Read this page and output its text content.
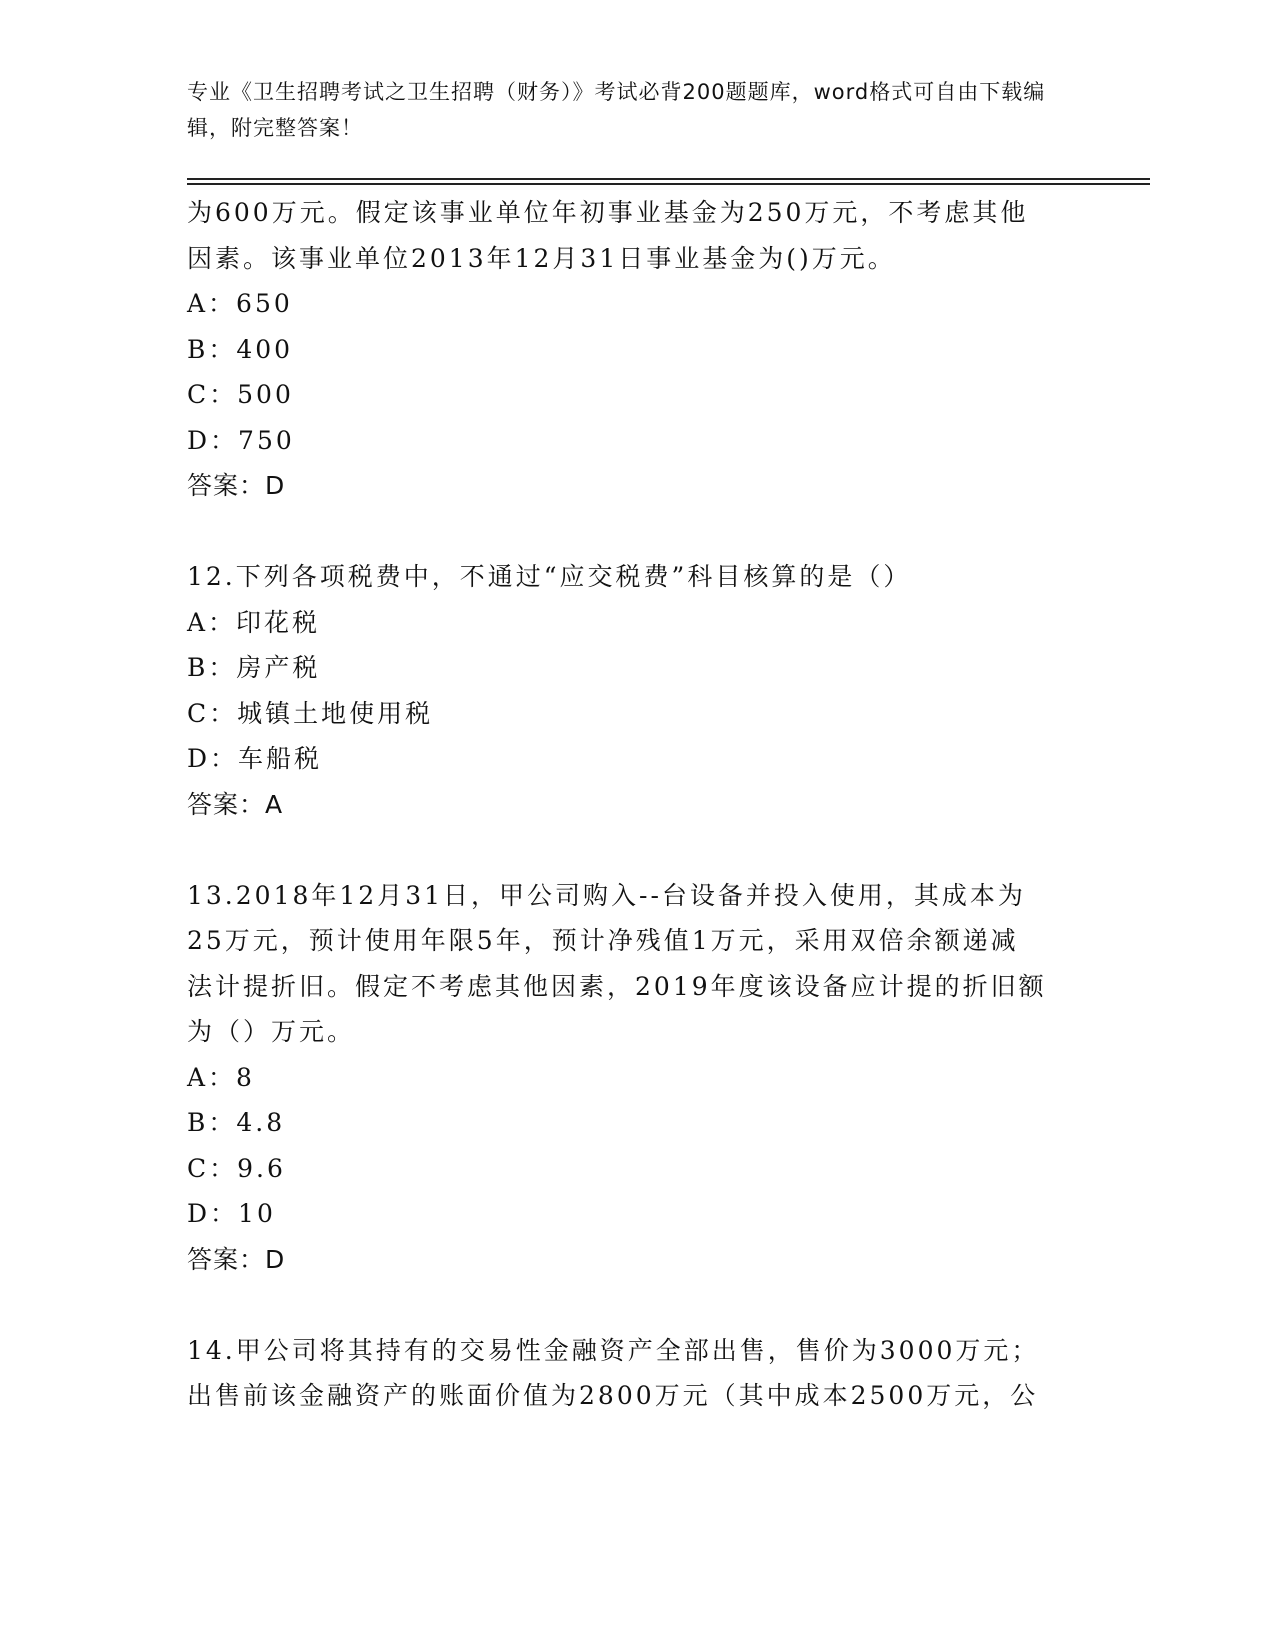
专业《卫生招聘考试之卫生招聘（财务）》考试必背200题题库，word格式可自由下载编辑，附完整答案！
为600万元。假定该事业单位年初事业基金为250万元，不考虑其他
因素。该事业单位2013年12月31日事业基金为()万元。
A：650
B：400
C：500
D：750
答案：D
12.下列各项税费中，不通过“应交税费”科目核算的是（）
A：印花税
B：房产税
C：城镇土地使用税
D：车船税
答案：A
13.2018年12月31日，甲公司购入--台设备并投入使用，其成本为
25万元，预计使用年限5年，预计净残值1万元，采用双倍余额递减
法计提折旧。假定不考虑其他因素，2019年度该设备应计提的折旧额
为（）万元。
A：8
B：4.8
C：9.6
D：10
答案：D
14.甲公司将其持有的交易性金融资产全部出售，售价为3000万元；
出售前该金融资产的账面价值为2800万元（其中成本2500万元，公
